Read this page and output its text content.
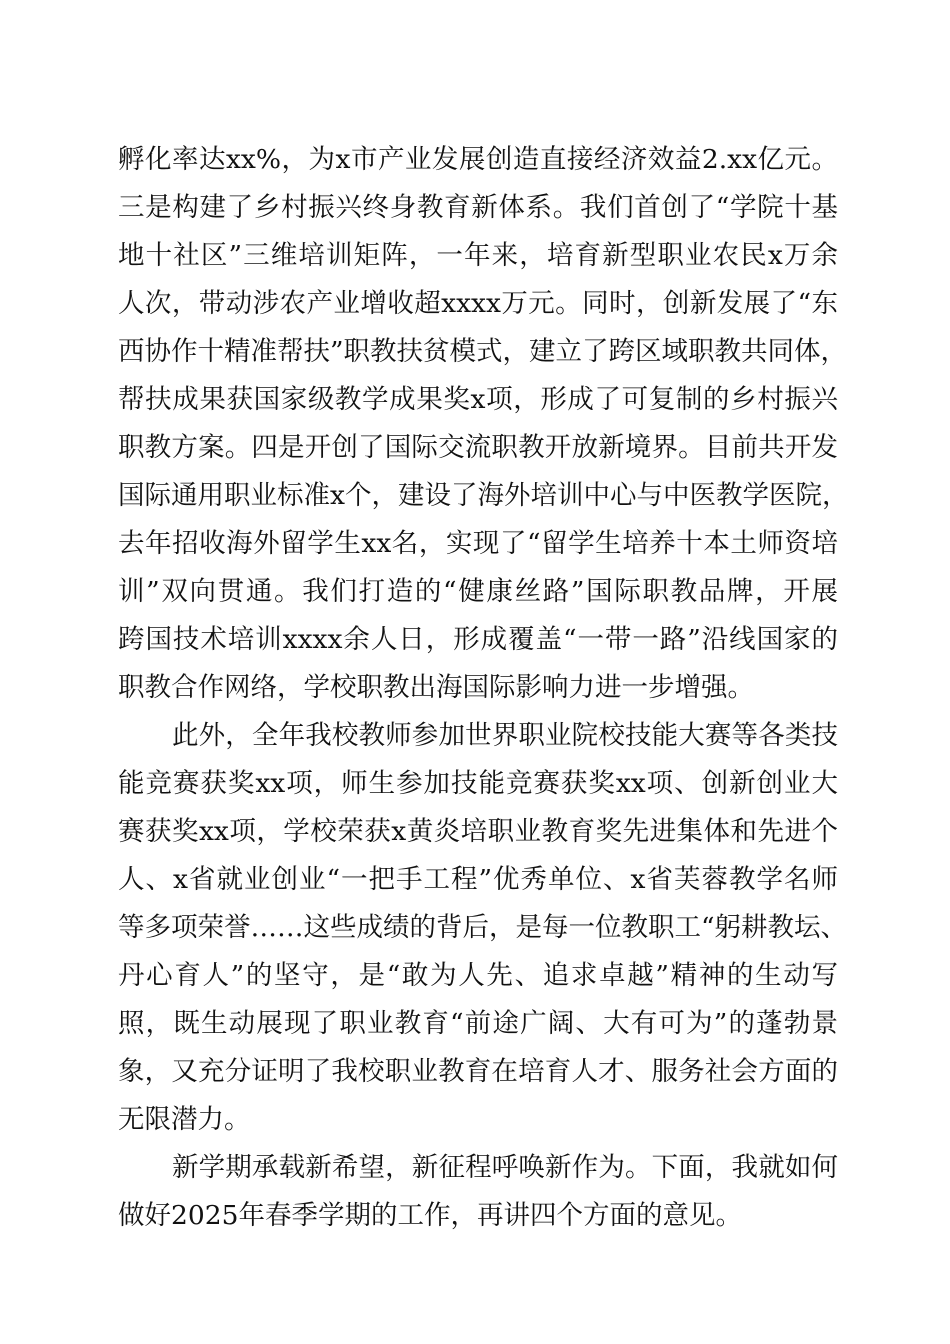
孵化率达xx%，为x市产业发展创造直接经济效益2.xx亿元。
三是构建了乡村振兴终身教育新体系。我们首创了“学院十基
地十社区”三维培训矩阵，一年来，培育新型职业农民x万余
人次，带动涉农产业增收超xxxx万元。同时，创新发展了“东
西协作十精准帮扶”职教扶贫模式，建立了跨区域职教共同体，
帮扶成果获国家级教学成果奖x项，形成了可复制的乡村振兴
职教方案。四是开创了国际交流职教开放新境界。目前共开发
国际通用职业标准x个，建设了海外培训中心与中医教学医院，
去年招收海外留学生xx名，实现了“留学生培养十本土师资培
训”双向贯通。我们打造的“健康丝路”国际职教品牌，开展
跨国技术培训xxxx余人日，形成覆盖“一带一路”沿线国家的
职教合作网络，学校职教出海国际影响力进一步增强。
此外，全年我校教师参加世界职业院校技能大赛等各类技
能竞赛获奖xx项，师生参加技能竞赛获奖xx项、创新创业大
赛获奖xx项，学校荣获x黄炎培职业教育奖先进集体和先进个
人、x省就业创业“一把手工程”优秀单位、x省芙蓉教学名师
等多项荣誉……这些成绩的背后，是每一位教职工“躬耕教坛、
丹心育人”的坚守，是“敢为人先、追求卓越”精神的生动写
照，既生动展现了职业教育“前途广阔、大有可为”的蓬勃景
象，又充分证明了我校职业教育在培育人才、服务社会方面的
无限潜力。
新学期承载新希望，新征程呼唤新作为。下面，我就如何
做好2025年春季学期的工作，再讲四个方面的意见。
